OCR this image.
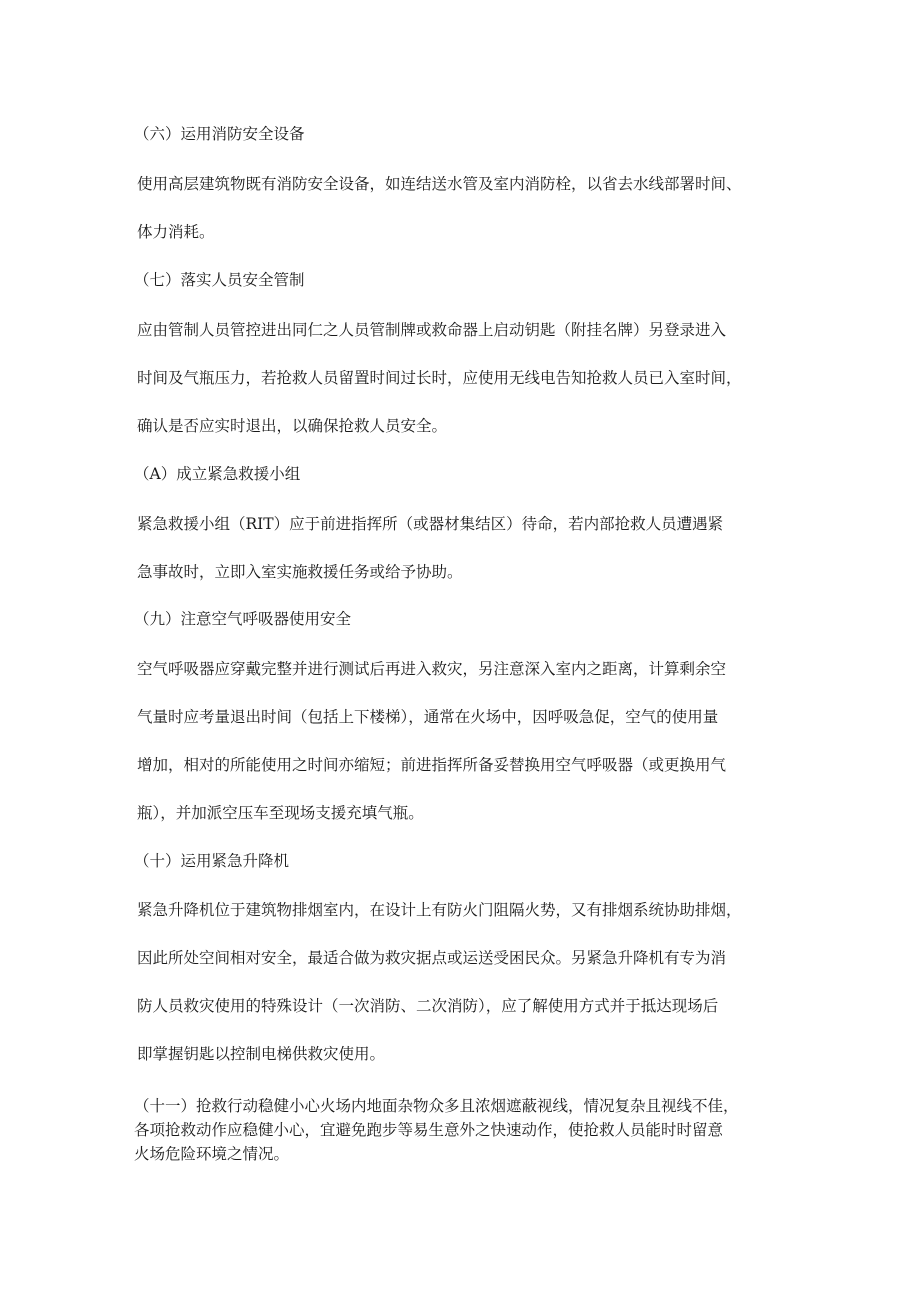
（六）运用消防安全设备
使用高层建筑物既有消防安全设备，如连结送水管及室内消防栓，以省去水线部署时间、
体力消耗。
（七）落实人员安全管制
应由管制人员管控进出同仁之人员管制牌或救命器上启动钥匙（附挂名牌）另登录进入
时间及气瓶压力，若抢救人员留置时间过长时，应使用无线电告知抢救人员已入室时间，
确认是否应实时退出，以确保抢救人员安全。
（A）成立紧急救援小组
紧急救援小组（RIT）应于前进指挥所（或器材集结区）待命，若内部抢救人员遭遇紧
急事故时，立即入室实施救援任务或给予协助。
（九）注意空气呼吸器使用安全
空气呼吸器应穿戴完整并进行测试后再进入救灾，另注意深入室内之距离，计算剩余空
气量时应考量退出时间（包括上下楼梯），通常在火场中，因呼吸急促，空气的使用量
增加，相对的所能使用之时间亦缩短；前进指挥所备妥替换用空气呼吸器（或更换用气
瓶），并加派空压车至现场支援充填气瓶。
（十）运用紧急升降机
紧急升降机位于建筑物排烟室内，在设计上有防火门阻隔火势，又有排烟系统协助排烟，
因此所处空间相对安全，最适合做为救灾据点或运送受困民众。另紧急升降机有专为消
防人员救灾使用的特殊设计（一次消防、二次消防），应了解使用方式并于抵达现场后
即掌握钥匙以控制电梯供救灾使用。
（十一）抢救行动稳健小心火场内地面杂物众多且浓烟遮蔽视线，情况复杂且视线不佳，
各项抢救动作应稳健小心，宜避免跑步等易生意外之快速动作，使抢救人员能时时留意
火场危险环境之情况。
